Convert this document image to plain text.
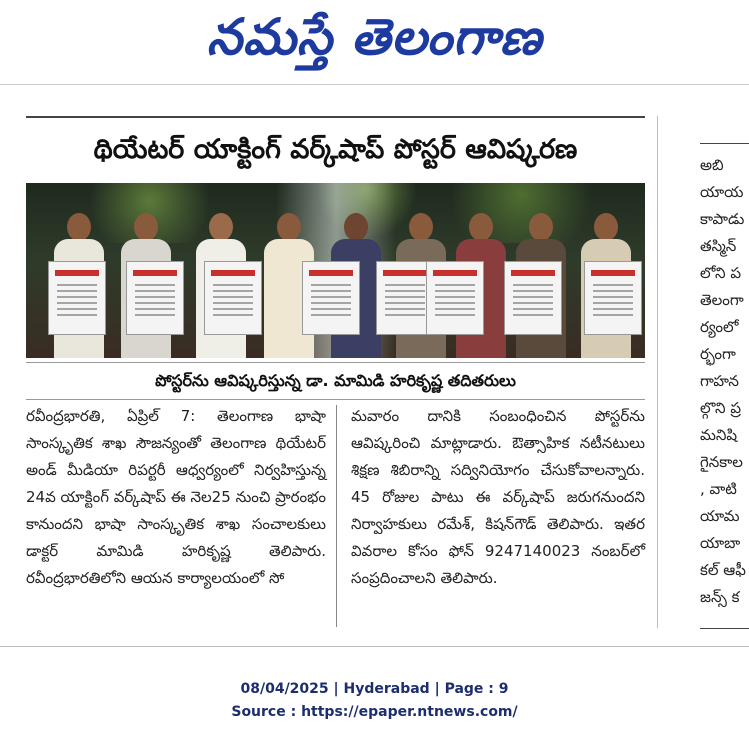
నమస్తే తెలంగాణ
థియేటర్ యాక్టింగ్ వర్క్‌షాప్ పోస్టర్ ఆవిష్కరణ
పోస్టర్‌ను ఆవిష్కరిస్తున్న డా. మామిడి హరికృష్ణ తదితరులు
రవీంద్రభారతి, ఏప్రిల్ 7: తెలంగాణ భాషా సాంస్కృతిక శాఖ సౌజన్యంతో తెలంగాణ థియేటర్ అండ్ మీడియా రిపర్టరీ ఆధ్వర్యంలో నిర్వహిస్తున్న 24వ యాక్టింగ్ వర్క్‌షాప్ ఈ నెల25 నుంచి ప్రారంభం కానుందని భాషా సాంస్కృతిక శాఖ సంచాలకులు డాక్టర్ మామిడి హరికృష్ణ తెలిపారు. రవీంద్రభారతిలోని ఆయన కార్యాలయంలో సో
మవారం దానికి సంబంధించిన పోస్టర్‌ను ఆవిష్కరించి మాట్లాడారు. ఔత్సాహిక నటీనటులు శిక్షణ శిబిరాన్ని సద్వినియోగం చేసుకోవాలన్నారు. 45 రోజుల పాటు ఈ వర్క్‌షాప్ జరుగనుందని నిర్వాహకులు రమేశ్, కిషన్‌గౌడ్ తెలిపారు. ఇతర వివరాల కోసం ఫోన్ 9247140023 నంబర్‌లో సంప్రదించాలని తెలిపారు.
అబి
యాయ
కాపాడు
తస్మిన్
లోని ప
తెలంగా
ర్యంలో
ర్భంగా
గాహన
ల్గొని ప్ర
మనిషి
గైనకాల
, వాటి
యామ
యాబా
కల్ ఆఫీ
జన్స్ క
08/04/2025 | Hyderabad | Page : 9
Source : https://epaper.ntnews.com/
